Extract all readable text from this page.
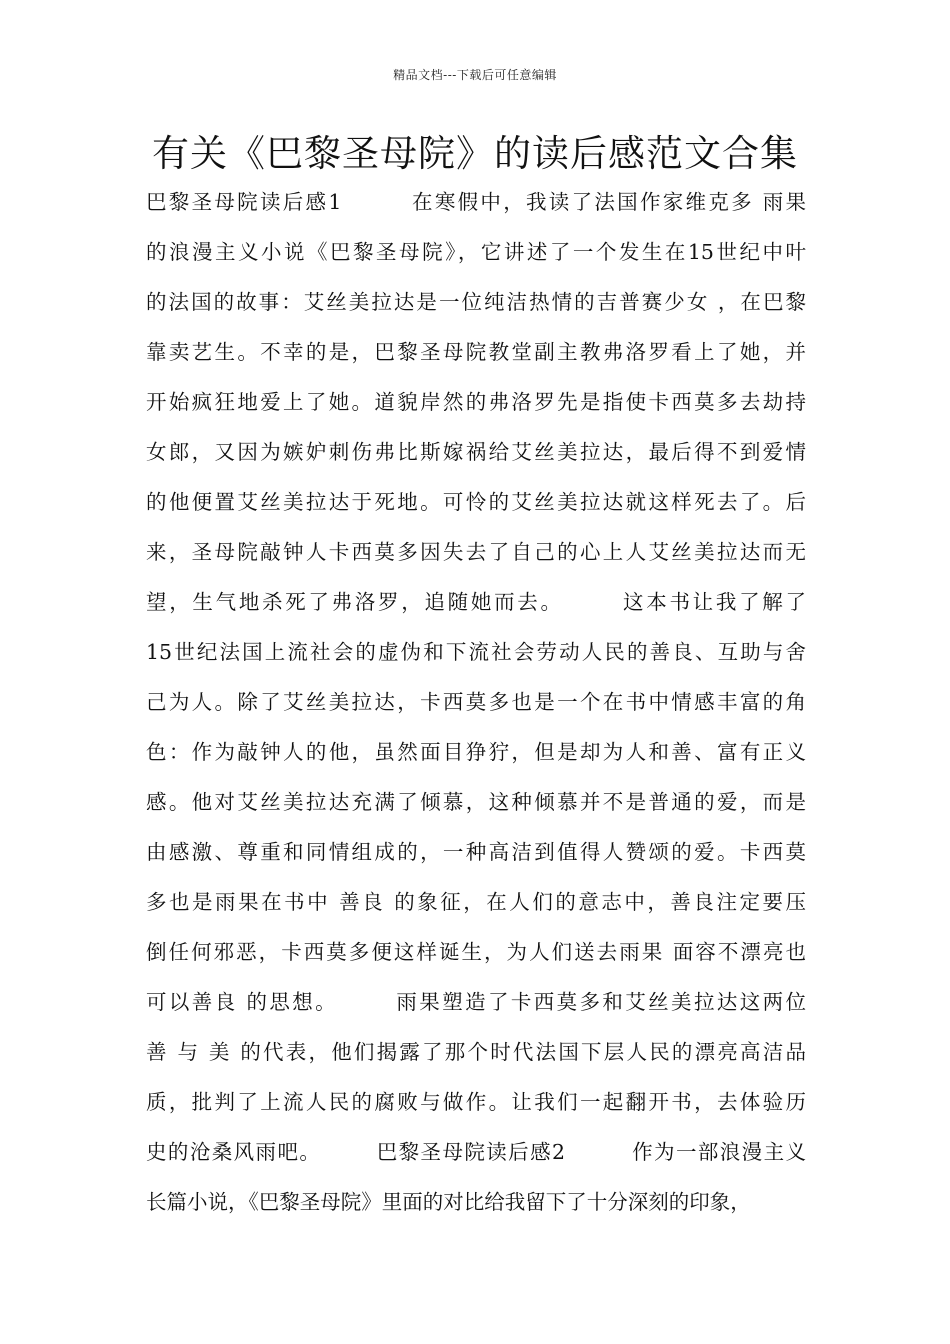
精品文档---下载后可任意编辑
有关《巴黎圣母院》的读后感范文合集
巴黎圣母院读后感1　　　在寒假中，我读了法国作家维克多 雨果
的浪漫主义小说《巴黎圣母院》，它讲述了一个发生在15世纪中叶
的法国的故事：艾丝美拉达是一位纯洁热情的吉普赛少女 ，在巴黎
靠卖艺生。不幸的是，巴黎圣母院教堂副主教弗洛罗看上了她，并
开始疯狂地爱上了她。道貌岸然的弗洛罗先是指使卡西莫多去劫持
女郎，又因为嫉妒刺伤弗比斯嫁祸给艾丝美拉达，最后得不到爱情
的他便置艾丝美拉达于死地。可怜的艾丝美拉达就这样死去了。后
来，圣母院敲钟人卡西莫多因失去了自己的心上人艾丝美拉达而无
望，生气地杀死了弗洛罗，追随她而去。　　　这本书让我了解了
15世纪法国上流社会的虚伪和下流社会劳动人民的善良、互助与舍
己为人。除了艾丝美拉达，卡西莫多也是一个在书中情感丰富的角
色：作为敲钟人的他，虽然面目狰狞，但是却为人和善、富有正义
感。他对艾丝美拉达充满了倾慕，这种倾慕并不是普通的爱，而是
由感激、尊重和同情组成的，一种高洁到值得人赞颂的爱。卡西莫
多也是雨果在书中 善良 的象征，在人们的意志中，善良注定要压
倒任何邪恶，卡西莫多便这样诞生，为人们送去雨果 面容不漂亮也
可以善良 的思想。　　　雨果塑造了卡西莫多和艾丝美拉达这两位
善 与 美 的代表，他们揭露了那个时代法国下层人民的漂亮高洁品
质，批判了上流人民的腐败与做作。让我们一起翻开书，去体验历
史的沧桑风雨吧。　　　巴黎圣母院读后感2　　　作为一部浪漫主义
长篇小说，《巴黎圣母院》里面的对比给我留下了十分深刻的印象，
